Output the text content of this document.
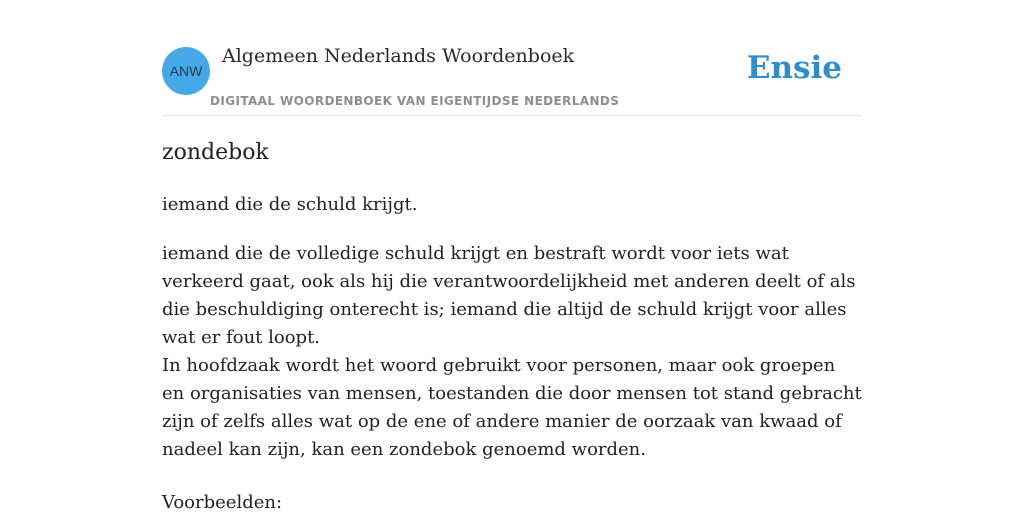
ANW
Algemeen Nederlands Woordenboek
DIGITAAL WOORDENBOEK VAN EIGENTIJDSE NEDERLANDS
Ensie
zondebok
iemand die de schuld krijgt.

iemand die de volledige schuld krijgt en bestraft wordt voor iets wat verkeerd gaat, ook als hij die verantwoordelijkheid met anderen deelt of als die beschuldiging onterecht is; iemand die altijd de schuld krijgt voor alles wat er fout loopt.

In hoofdzaak wordt het woord gebruikt voor personen, maar ook groepen en organisaties van mensen, toestanden die door mensen tot stand gebracht zijn of zelfs alles wat op de ene of andere manier de oorzaak van kwaad of nadeel kan zijn, kan een zondebok genoemd worden.

Voorbeelden:
